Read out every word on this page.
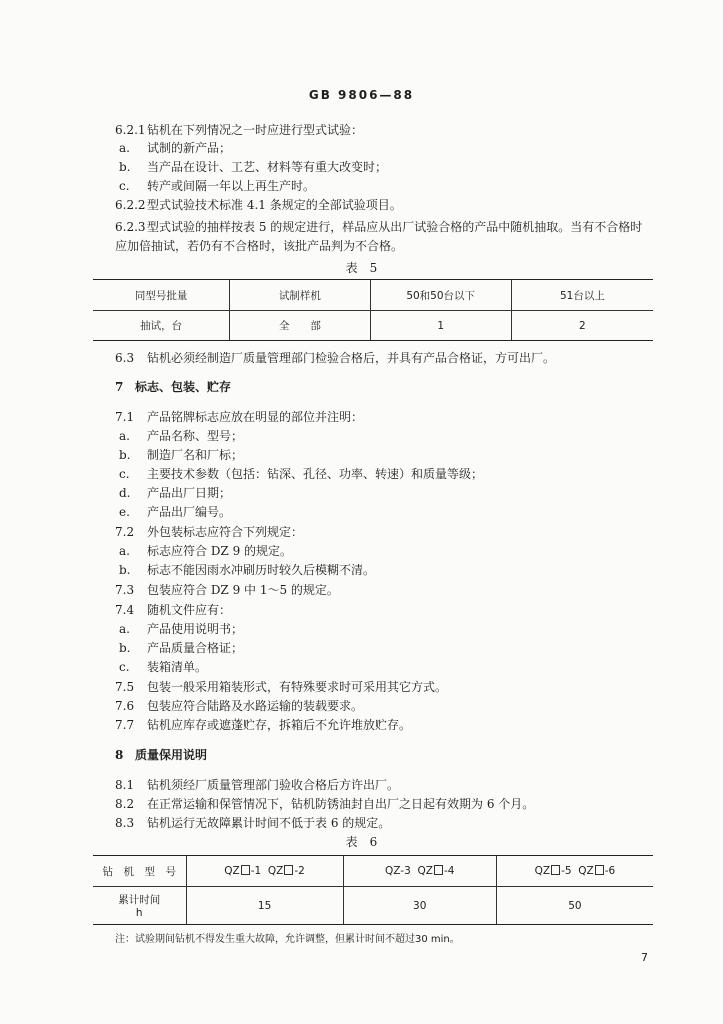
GB 9806—88
6.2.1钻机在下列情况之一时应进行型式试验：
a. 试制的新产品；
b. 当产品在设计、工艺、材料等有重大改变时；
c. 转产或间隔一年以上再生产时。
6.2.2型式试验技术标准 4.1 条规定的全部试验项目。
6.2.3型式试验的抽样按表 5 的规定进行，样品应从出厂试验合格的产品中随机抽取。当有不合格时
应加倍抽试，若仍有不合格时，该批产品判为不合格。
表　5
同型号批量	试制样机	50和50台以下	51台以上
抽试，台	全　　部	1	2
6.3 钻机必须经制造厂质量管理部门检验合格后，并具有产品合格证，方可出厂。
7 标志、包装、贮存
7.1 产品铭牌标志应放在明显的部位并注明：
a. 产品名称、型号；
b. 制造厂名和厂标；
c. 主要技术参数（包括：钻深、孔径、功率、转速）和质量等级；
d. 产品出厂日期；
e. 产品出厂编号。
7.2 外包装标志应符合下列规定：
a. 标志应符合 DZ 9 的规定。
b. 标志不能因雨水冲刷历时较久后模糊不清。
7.3 包装应符合 DZ 9 中 1～5 的规定。
7.4 随机文件应有：
a. 产品使用说明书；
b. 产品质量合格证；
c. 装箱清单。
7.5 包装一般采用箱装形式，有特殊要求时可采用其它方式。
7.6 包装应符合陆路及水路运输的装载要求。
7.7 钻机应库存或遮蓬贮存，拆箱后不允许堆放贮存。
8 质量保用说明
8.1 钻机须经厂质量管理部门验收合格后方许出厂。
8.2 在正常运输和保管情况下，钻机防锈油封自出厂之日起有效期为 6 个月。
8.3 钻机运行无故障累计时间不低于表 6 的规定。
表　6
钻　机　型　号	QZ -1 QZ -2	QZ-3 QZ -4	QZ -5 QZ -6

累计时间
h	15	30	50
注：试验期间钻机不得发生重大故障，允许调整，但累计时间不超过30 min。
7
